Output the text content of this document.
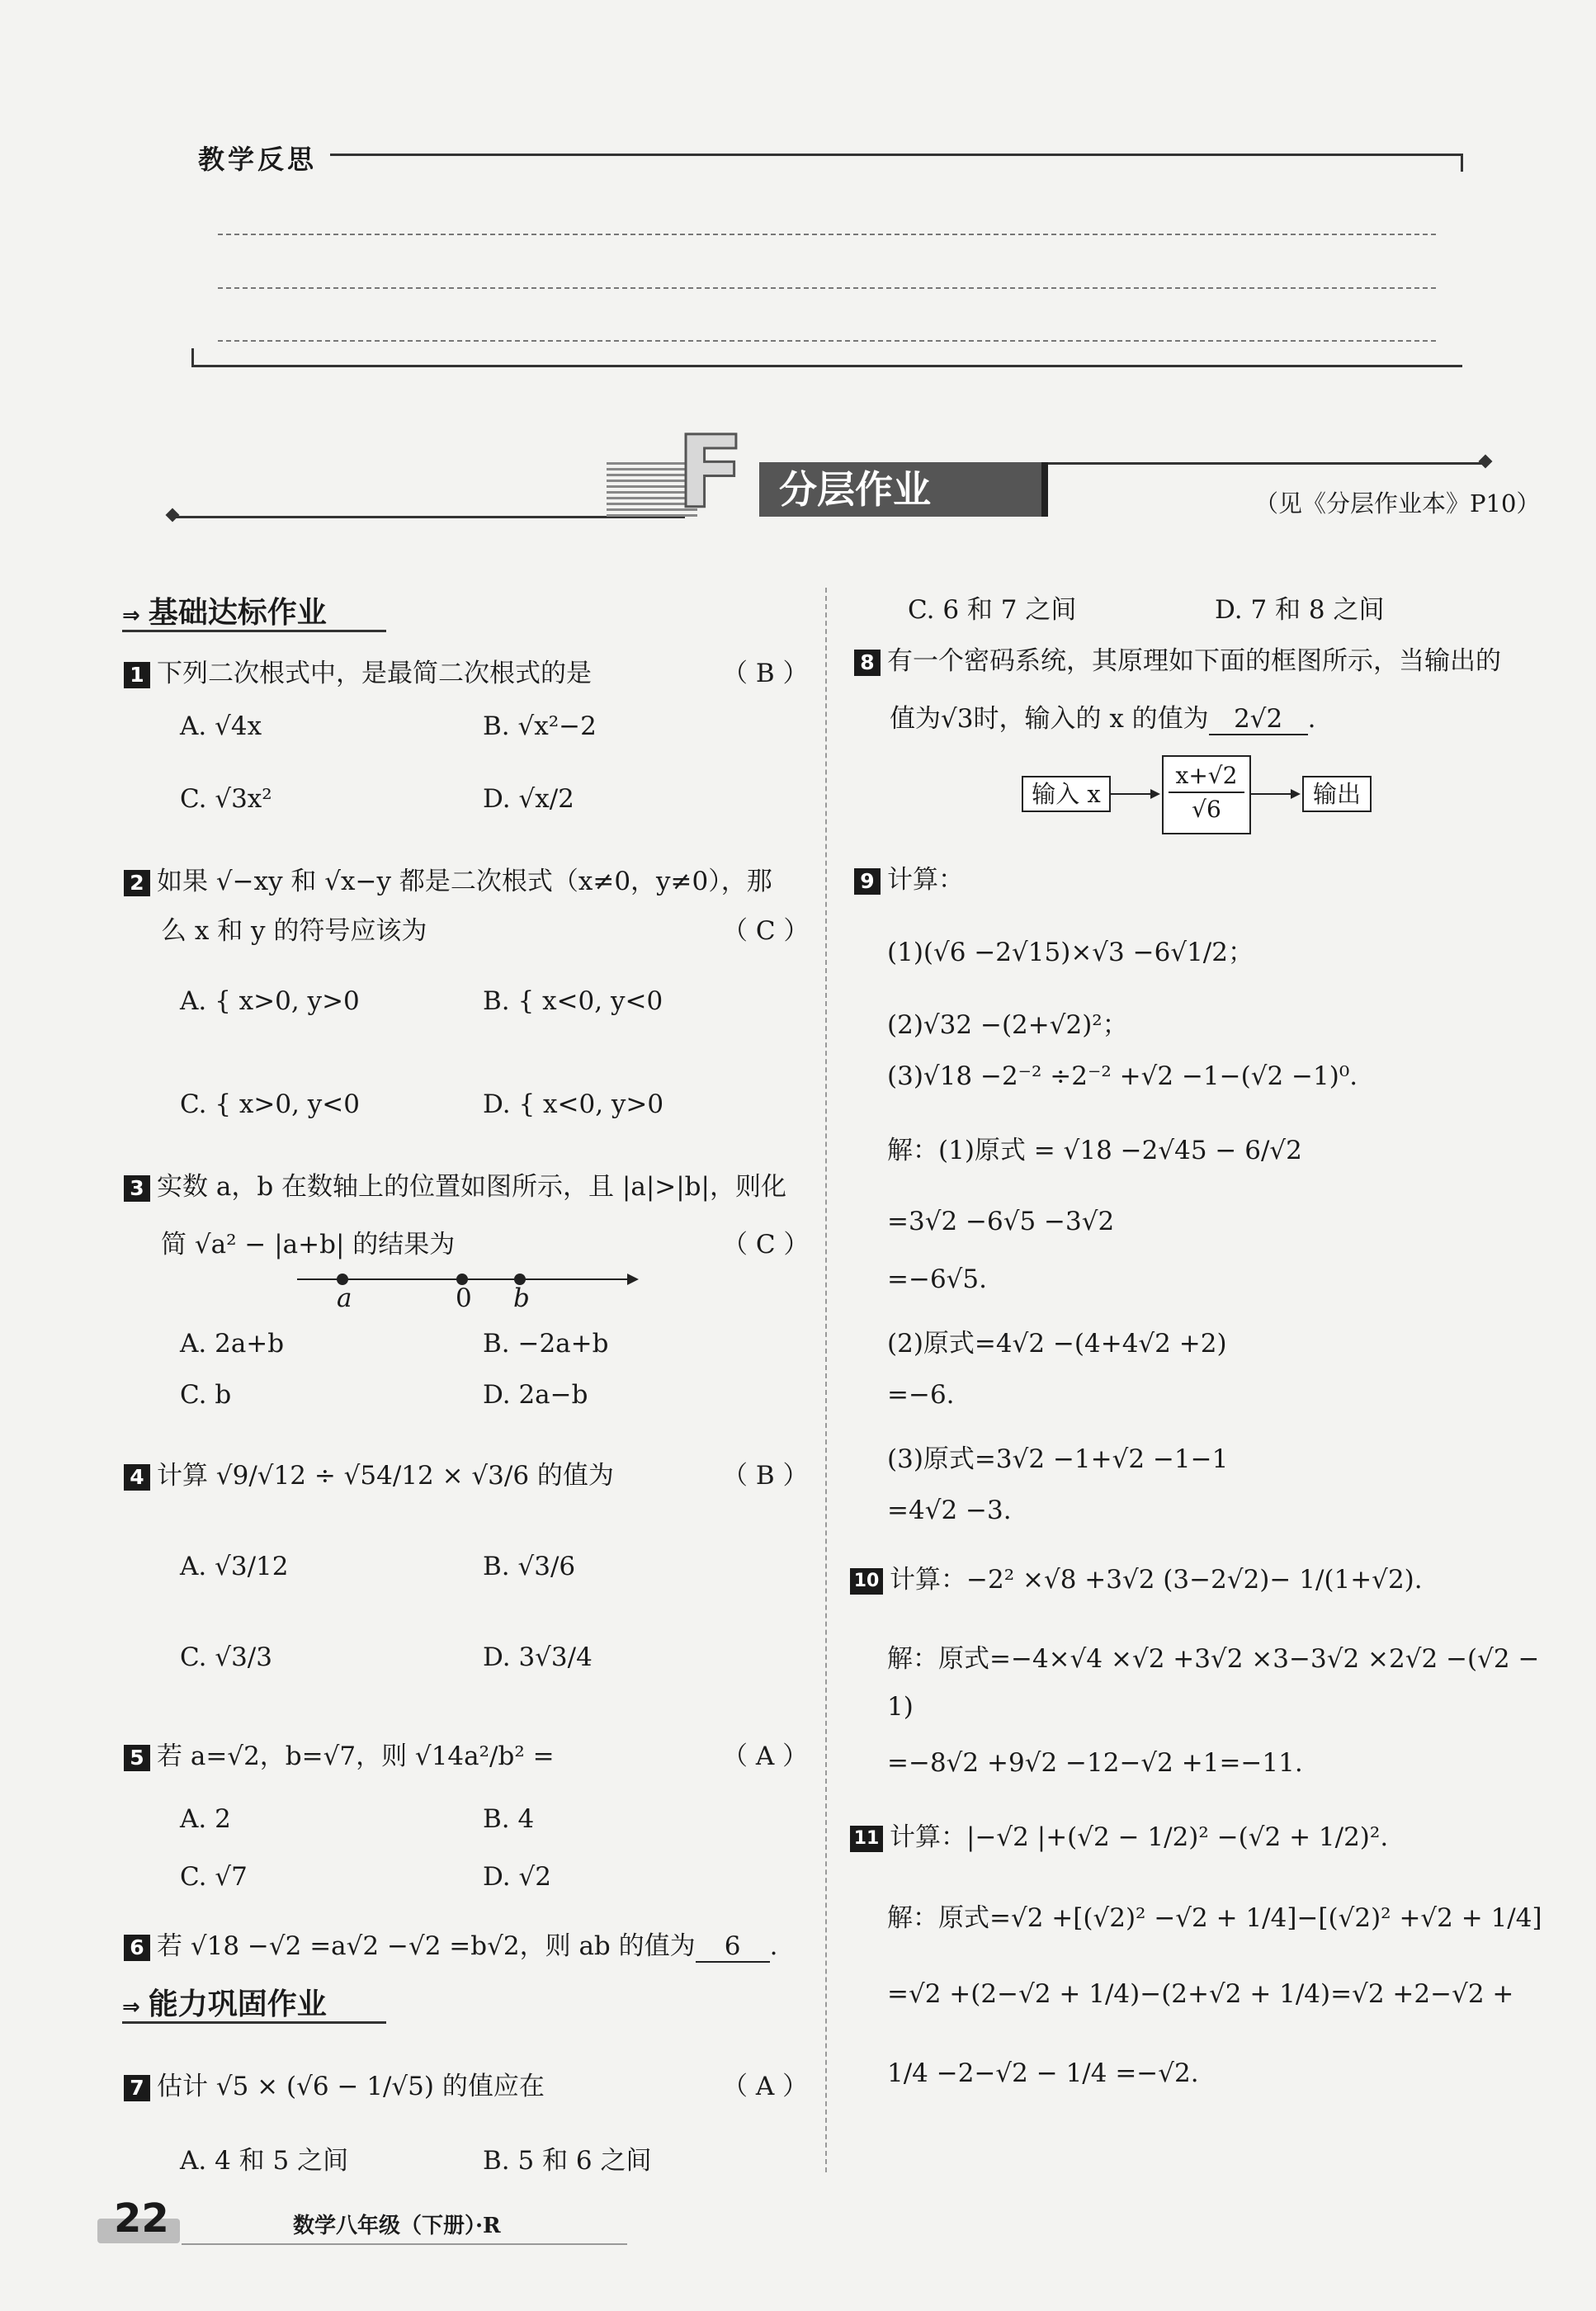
教学反思
F 分层作业	（见《分层作业本》P10）
⇒ 基础达标作业
1 下列二次根式中，是最简二次根式的是	（ B ）
A. √4x	B. √x²−2
C. √3x²	D. √x/2
2 如果 √−xy 和 √x−y 都是二次根式（x≠0，y≠0），那
么 x 和 y 的符号应该为	（ C ）
A. { x>0, y>0	B. { x<0, y<0
C. { x>0, y<0	D. { x<0, y>0
3 实数 a，b 在数轴上的位置如图所示，且 |a|>|b|，则化
简 √a² − |a+b| 的结果为	（ C ）
a	0 b
A. 2a+b	B. −2a+b
C. b	D. 2a−b
4 计算 √9/√12 ÷ √54/12 × √3/6 的值为	（ B ）
A. √3/12	B. √3/6
C. √3/3	D. 3√3/4
5 若 a=√2，b=√7，则 √14a²/b² =	（ A ）
A. 2	B. 4
C. √7	D. √2
6 若 √18 −√2 =a√2 −√2 =b√2，则 ab 的值为 6 .
⇒ 能力巩固作业
7 估计 √5 × (√6 − 1/√5) 的值应在	（ A ）
A. 4 和 5 之间	B. 5 和 6 之间
C. 6 和 7 之间	D. 7 和 8 之间
8 有一个密码系统，其原理如下面的框图所示，当输出的
值为√3时，输入的 x 的值为 2√2 .
输入 x	$\frac{x+√2}{√6}$	输出
9 计算：
(1)(√6 −2√15)×√3 −6√1/2；
(2)√32 −(2+√2)²；
(3)√18 −2⁻² ÷2⁻² +√2 −1−(√2 −1)⁰.
解：(1)原式 = √18 −2√45 − 6/√2
=3√2 −6√5 −3√2
=−6√5.
(2)原式=4√2 −(4+4√2 +2)
=−6.
(3)原式=3√2 −1+√2 −1−1
=4√2 −3.
10 计算：−2² ×√8 +3√2 (3−2√2)− 1/(1+√2).
解：原式=−4×√4 ×√2 +3√2 ×3−3√2 ×2√2 −(√2 −
1)
=−8√2 +9√2 −12−√2 +1=−11.
11 计算：|−√2 |+(√2 − 1/2)² −(√2 + 1/2)².
解：原式=√2 +[(√2)² −√2 + 1/4]−[(√2)² +√2 + 1/4]
=√2 +(2−√2 + 1/4)−(2+√2 + 1/4)=√2 +2−√2 +
1/4 −2−√2 − 1/4 =−√2.
22	数学八年级（下册）·R
